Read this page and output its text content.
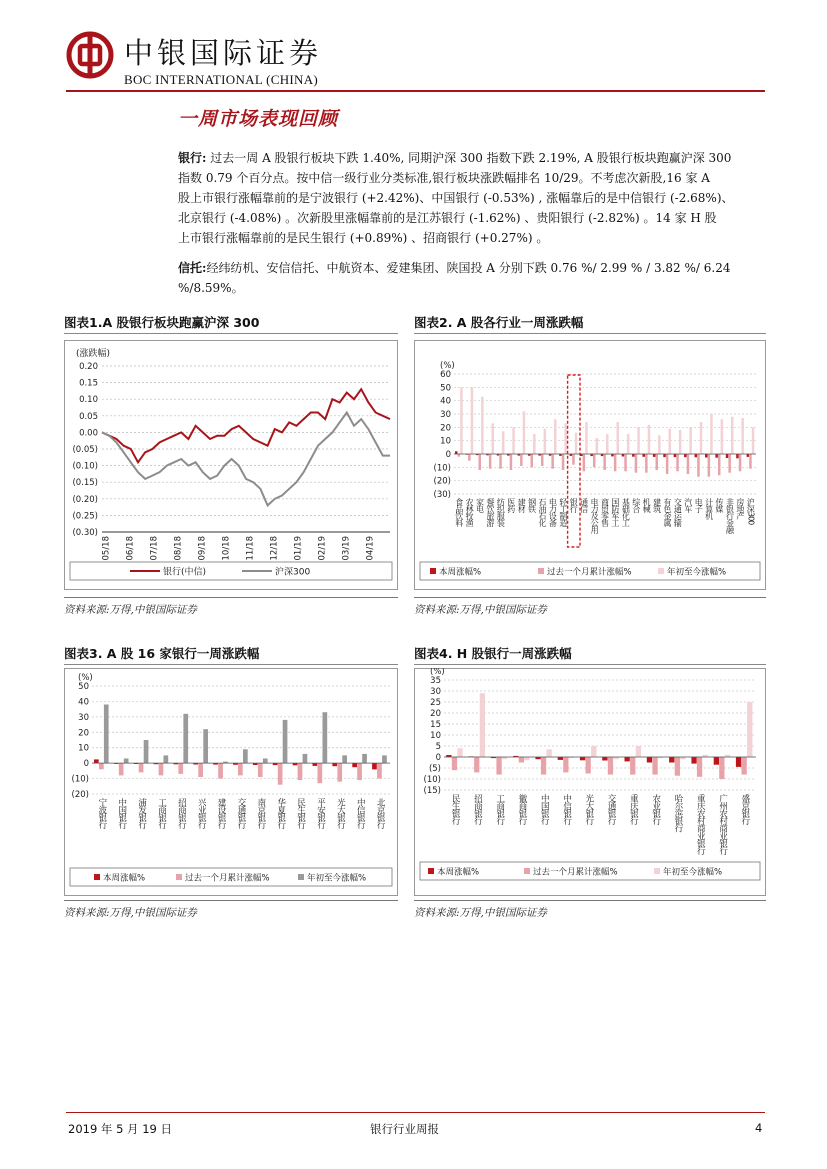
中银国际证券
BOC INTERNATIONAL (CHINA)
一周市场表现回顾
银行: 过去一周 A 股银行板块下跌 1.40%, 同期沪深 300 指数下跌 2.19%, A 股银行板块跑赢沪深 300
指数 0.79 个百分点。按中信一级行业分类标准,银行板块涨跌幅排名 10/29。不考虑次新股,16 家 A
股上市银行涨幅靠前的是宁波银行 (+2.42%)、中国银行 (-0.53%) , 涨幅靠后的是中信银行 (-2.68%)、
北京银行 (-4.08%) 。次新股里涨幅靠前的是江苏银行 (-1.62%) 、贵阳银行 (-2.82%) 。14 家 H 股
上市银行涨幅靠前的是民生银行 (+0.89%) 、招商银行 (+0.27%) 。
信托:经纬纺机、安信信托、中航资本、爱建集团、陕国投 A 分别下跌 0.76 %/ 2.99 % / 3.82 %/ 6.24 %/8.59%。
图表1.A 股银行板块跑赢沪深 300	图表2. A 股各行业一周涨跌幅
资料来源:万得,中银国际证券	资料来源:万得,中银国际证券
图表3. A 股 16 家银行一周涨跌幅	图表4. H 股银行一周涨跌幅
资料来源:万得,中银国际证券	资料来源:万得,中银国际证券
(涨跌幅)
0.20
0.15
0.10
0.05
0.00
(0.05)
(0.10)
(0.15)
(0.20)
(0.25)
(0.30)
05/18 06/18 07/18 08/18 09/18 10/18 11/18 12/18 01/19 02/19 03/19 04/19
银行(中信)	沪深300
(%)
60
50
40
30
20
10
0
(10)
(20)
(30)
食品饮料 农林牧渔 家电 餐饮旅游 纺织服装 医药 建材 钢铁 石油石化 电力设备 轻工制造 银行 通信 电力及公用 商贸零售 国防军工 基础化工 综合 机械 建筑 有色金属 交通运输 汽车 电子 计算机 传媒 非银行金融 房地产 沪深300
本周涨幅%	过去一个月累计涨幅%	年初至今涨幅%
(%)
50
40
30
20
10
0
(10)
(20)
宁波银行 中国银行 浦发银行 工商银行 招商银行 兴业银行 建设银行 交通银行 南京银行 华夏银行 民生银行 平安银行 光大银行 中信银行 北京银行
本周涨幅%	过去一个月累计涨幅%	年初至今涨幅%
(%)
35
30
25
20
15
10
5
0
(5)
(10)
(15)
民生银行 招商银行 工商银行 徽商银行 中国银行 中信银行 光大银行 交通银行 重庆银行 农业银行 哈尔滨银行 重庆农村商业银行 广州农村商业银行 盛京银行
本周涨幅%	过去一个月累计涨幅%	年初至今涨幅%
2019 年 5 月 19 日	银行行业周报	4
